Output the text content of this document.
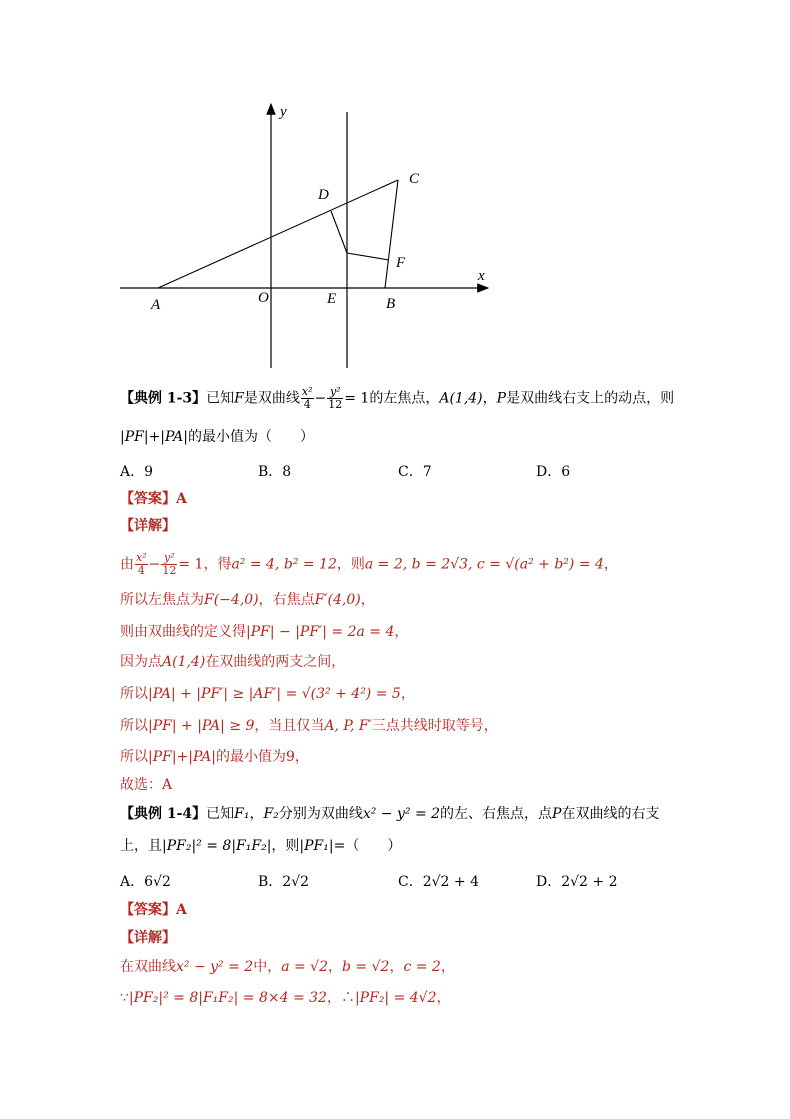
y
x
C
D
F
A	O	E	B
【典例 1-3】已知F是双曲线 $\frac{\text{x²}}{4} - \frac{\text{y²}}{12} = 1$的左焦点，A(1,4)，P是双曲线右支上的动点，则
|PF|+|PA|的最小值为（　　）
A．9	B．8	C．7	D．6
【答案】A
【详解】
由 $\frac{\text{x²}}{4} - \frac{\text{y²}}{12} = 1$，得a² = 4, b² = 12，则a = 2, b = 2√3, c = √(a² + b²) = 4，
所以左焦点为F(−4,0)，右焦点F′(4,0)，
则由双曲线的定义得|PF| − |PF′| = 2a = 4，
因为点A(1,4)在双曲线的两支之间，
所以|PA| + |PF′| ≥ |AF′| = √(3² + 4²) = 5，
所以|PF| + |PA| ≥ 9，当且仅当A, P, F′三点共线时取等号，
所以|PF|+|PA|的最小值为9，
故选：A
【典例 1-4】已知F₁，F₂分别为双曲线x² − y² = 2的左、右焦点，点P在双曲线的右支
上，且|PF₂|² = 8|F₁F₂|，则|PF₁|=（　　）
A．6√2	B．2√2	C．2√2 + 4	D．2√2 + 2
【答案】A
【详解】
在双曲线x² − y² = 2中，a = √2，b = √2，c = 2，
∵|PF₂|² = 8|F₁F₂| = 8×4 = 32，∴|PF₂| = 4√2，
